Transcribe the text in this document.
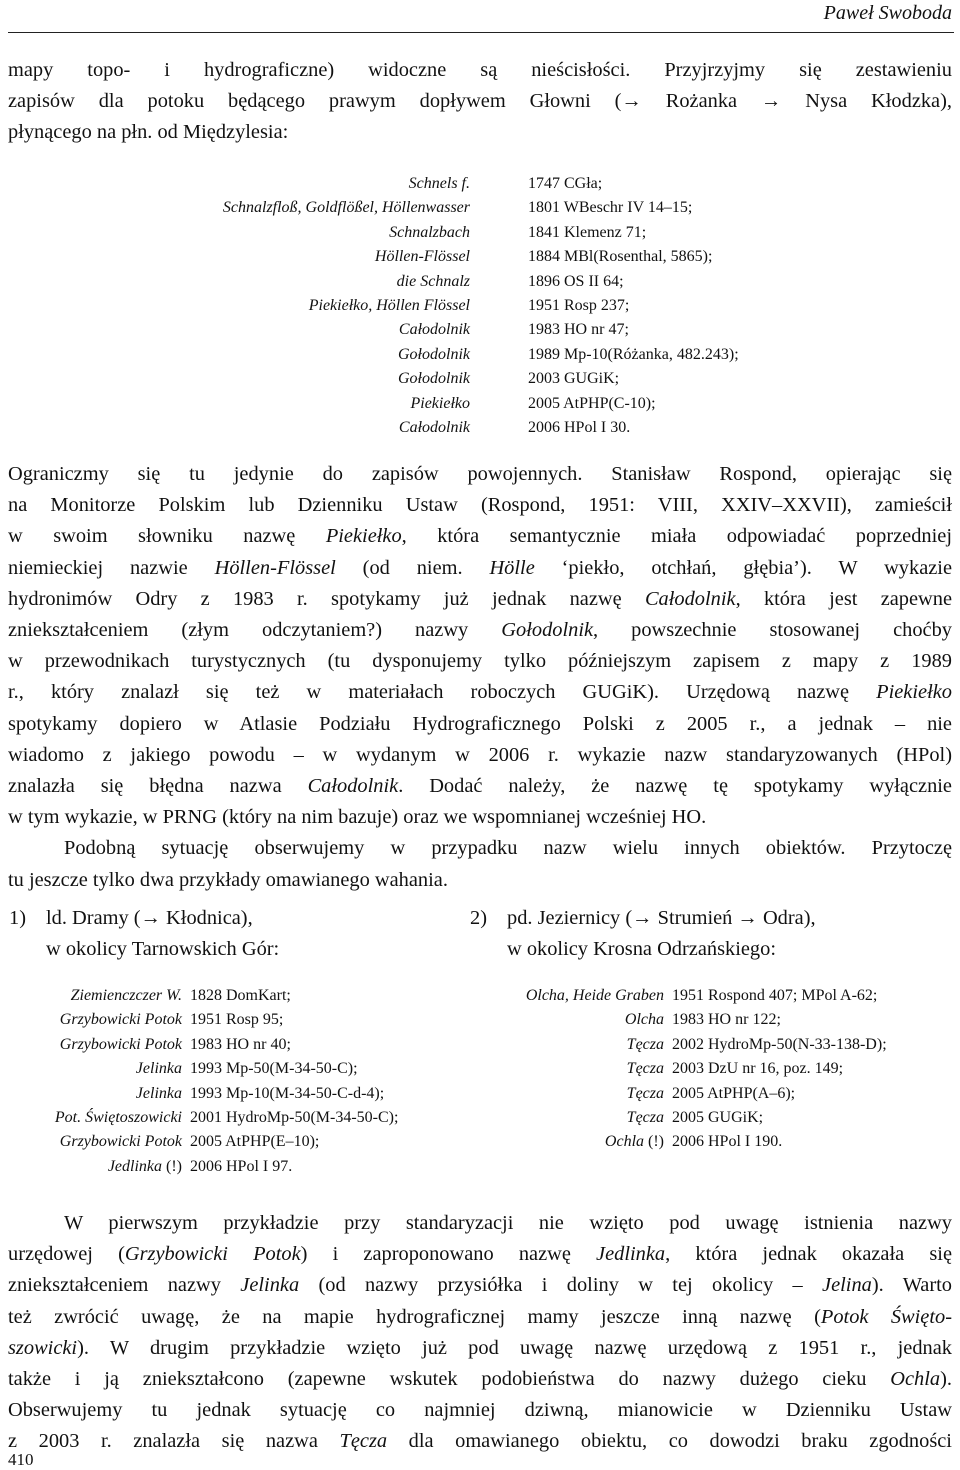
Paweł Swoboda
mapy topo- i hydrograficzne) widoczne są nieścisłości. Przyjrzyjmy się zestawieniu
zapisów dla potoku będącego prawym dopływem Głowni (→ Rożanka → Nysa Kłodzka),
płynącego na płn. od Międzylesia:
Schnels f.	1747 CGła;
Schnalzfloß, Goldflößel, Höllenwasser	1801 WBeschr IV 14–15;
Schnalzbach	1841 Klemenz 71;
Höllen-Flössel	1884 MBl(Rosenthal, 5865);
die Schnalz	1896 OS II 64;
Piekiełko, Höllen Flössel	1951 Rosp 237;
Całodolnik	1983 HO nr 47;
Gołodolnik	1989 Mp-10(Różanka, 482.243);
Gołodolnik	2003 GUGiK;
Piekiełko	2005 AtPHP(C-10);
Całodolnik	2006 HPol I 30.
Ograniczmy się tu jedynie do zapisów powojennych. Stanisław Rospond, opierając się
na Monitorze Polskim lub Dzienniku Ustaw (Rospond, 1951: VIII, XXIV–XXVII), zamieścił
w swoim słowniku nazwę Piekiełko, która semantycznie miała odpowiadać poprzedniej
niemieckiej nazwie Höllen-Flössel (od niem. Hölle ‘piekło, otchłań, głębia’). W wykazie
hydronimów Odry z 1983 r. spotykamy już jednak nazwę Całodolnik, która jest zapewne
zniekształceniem (złym odczytaniem?) nazwy Gołodolnik, powszechnie stosowanej choćby
w przewodnikach turystycznych (tu dysponujemy tylko późniejszym zapisem z mapy z 1989
r., który znalazł się też w materiałach roboczych GUGiK). Urzędową nazwę Piekiełko
spotykamy dopiero w Atlasie Podziału Hydrograficznego Polski z 2005 r., a jednak – nie
wiadomo z jakiego powodu – w wydanym w 2006 r. wykazie nazw standaryzowanych (HPol)
znalazła się błędna nazwa Całodolnik. Dodać należy, że nazwę tę spotykamy wyłącznie
w tym wykazie, w PRNG (który na nim bazuje) oraz we wspomnianej wcześniej HO.
Podobną sytuację obserwujemy w przypadku nazw wielu innych obiektów. Przytoczę
tu jeszcze tylko dwa przykłady omawianego wahania.
1) ld. Dramy (→ Kłodnica),
w okolicy Tarnowskich Gór:
2) pd. Jeziernicy (→ Strumień → Odra),
w okolicy Krosna Odrzańskiego:
Ziemienczczer W. 1828 DomKart;
Grzybowicki Potok 1951 Rosp 95;
Grzybowicki Potok 1983 HO nr 40;
Jelinka 1993 Mp-50(M-34-50-C);
Jelinka 1993 Mp-10(M-34-50-C-d-4);
Pot. Świętoszowicki 2001 HydroMp-50(M-34-50-C);
Grzybowicki Potok 2005 AtPHP(E–10);
Jedlinka (!) 2006 HPol I 97.
Olcha, Heide Graben 1951 Rospond 407; MPol A-62;
Olcha 1983 HO nr 122;
Tęcza 2002 HydroMp-50(N-33-138-D);
Tęcza 2003 DzU nr 16, poz. 149;
Tęcza 2005 AtPHP(A–6);
Tęcza 2005 GUGiK;
Ochla (!) 2006 HPol I 190.
W pierwszym przykładzie przy standaryzacji nie wzięto pod uwagę istnienia nazwy
urzędowej (Grzybowicki Potok) i zaproponowano nazwę Jedlinka, która jednak okazała się
zniekształceniem nazwy Jelinka (od nazwy przysiółka i doliny w tej okolicy – Jelina). Warto
też zwrócić uwagę, że na mapie hydrograficznej mamy jeszcze inną nazwę (Potok Święto-
szowicki). W drugim przykładzie wzięto już pod uwagę nazwę urzędową z 1951 r., jednak
także i ją zniekształcono (zapewne wskutek podobieństwa do nazwy dużego cieku Ochla).
Obserwujemy tu jednak sytuację co najmniej dziwną, mianowicie w Dzienniku Ustaw
z 2003 r. znalazła się nazwa Tęcza dla omawianego obiektu, co dowodzi braku zgodności
410
